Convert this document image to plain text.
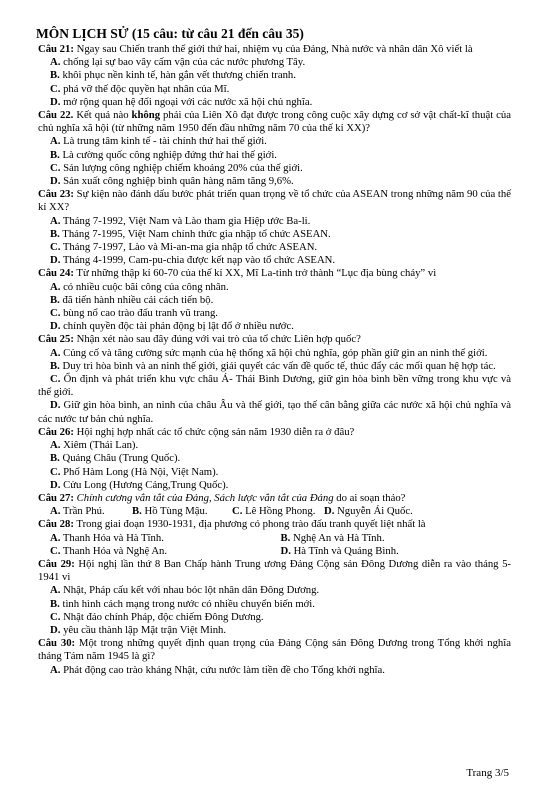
MÔN LỊCH SỬ (15 câu: từ câu 21 đến câu 35)

Câu 21: Ngay sau Chiến tranh thế giới thứ hai, nhiệm vụ của Đảng, Nhà nước và nhân dân Xô viết là

A. chống lại sự bao vây cấm vận của các nước phương Tây.

B. khôi phục nền kinh tế, hàn gắn vết thương chiến tranh.

C. phá vỡ thế độc quyền hạt nhân của Mĩ.

D. mở rộng quan hệ đối ngoại với các nước xã hội chủ nghĩa.

Câu 22. Kết quả nào không phải của Liên Xô đạt được trong công cuộc xây dựng cơ sở vật chất-kĩ thuật của chủ nghĩa xã hội (từ những năm 1950 đến đầu những năm 70 của thế kỉ XX)?

A. Là trung tâm kinh tế - tài chính thứ hai thế giới.

B. Là cường quốc công nghiệp đứng thứ hai thế giới.

C. Sản lượng công nghiệp chiếm khoảng 20% của thế giới.

D. Sản xuất công nghiệp bình quân hàng năm tăng 9,6%.

Câu 23: Sự kiện nào đánh dấu bước phát triển quan trọng về tổ chức của ASEAN trong những năm 90 của thế kỉ XX?

A. Tháng 7-1992, Việt Nam và Lào tham gia Hiệp ước Ba-li.

B. Tháng 7-1995, Việt Nam chính thức gia nhập tổ chức ASEAN.

C. Tháng 7-1997, Lào và Mi-an-ma gia nhập tổ chức ASEAN.

D. Tháng 4-1999, Cam-pu-chia được kết nạp vào tổ chức ASEAN.

Câu 24: Từ những thập kỉ 60-70 của thế kỉ XX, Mĩ La-tinh trở thành “Lục địa bùng cháy” vì

A. có nhiều cuộc bãi công của công nhân.

B. đã tiến hành nhiều cải cách tiến bộ.

C. bùng nổ cao trào đấu tranh vũ trang.

D. chính quyền độc tài phản động bị lật đổ ở nhiều nước.

Câu 25: Nhận xét nào sau đây đúng với vai trò của tổ chức Liên hợp quốc?

A. Củng cố và tăng cường sức mạnh của hệ thống xã hội chủ nghĩa, góp phần giữ gìn an ninh thế giới.

B. Duy trì hòa bình và an ninh thế giới, giải quyết các vấn đề quốc tế, thúc đẩy các mối quan hệ hợp tác.

C. Ổn định và phát triển khu vực châu Á- Thái Bình Dương, giữ gìn hòa bình bền vững trong khu vực và thế giới.

D. Giữ gìn hòa bình, an ninh của châu Âu và thế giới, tạo thế cân bằng giữa các nước xã hội chủ nghĩa và các nước tư bản chủ nghĩa.

Câu 26: Hội nghị hợp nhất các tổ chức cộng sản năm 1930 diễn ra ở đâu?

A. Xiêm (Thái Lan).

B. Quảng Châu (Trung Quốc).

C. Phố Hàm Long (Hà Nội, Việt Nam).

D. Cửu Long (Hương Cảng,Trung Quốc).

Câu 27: Chính cương vắn tắt của Đảng, Sách lược vắn tắt của Đảng do ai soạn thảo?

A. Trần Phú.	B. Hồ Tùng Mậu.	C. Lê Hồng Phong. D. Nguyễn Ái Quốc.

Câu 28: Trong giai đoạn 1930-1931, địa phương có phong trào đấu tranh quyết liệt nhất là

A. Thanh Hóa và Hà Tĩnh.	B. Nghệ An và Hà Tĩnh.
C. Thanh Hóa và Nghệ An.	D. Hà Tĩnh và Quảng Bình.

Câu 29: Hội nghị lần thứ 8 Ban Chấp hành Trung ương Đảng Cộng sản Đông Dương diễn ra vào tháng 5-1941 vì

A. Nhật, Pháp cấu kết với nhau bóc lột nhân dân Đông Dương.

B. tình hình cách mạng trong nước có nhiều chuyển biến mới.

C. Nhật đảo chính Pháp, độc chiếm Đông Dương.

D. yêu cầu thành lập Mặt trận Việt Minh.

Câu 30: Một trong những quyết định quan trọng của Đảng Cộng sản Đông Dương trong Tổng khởi nghĩa tháng Tám năm 1945 là gì?

A. Phát động cao trào kháng Nhật, cứu nước làm tiền đề cho Tổng khởi nghĩa.

Trang 3/5
